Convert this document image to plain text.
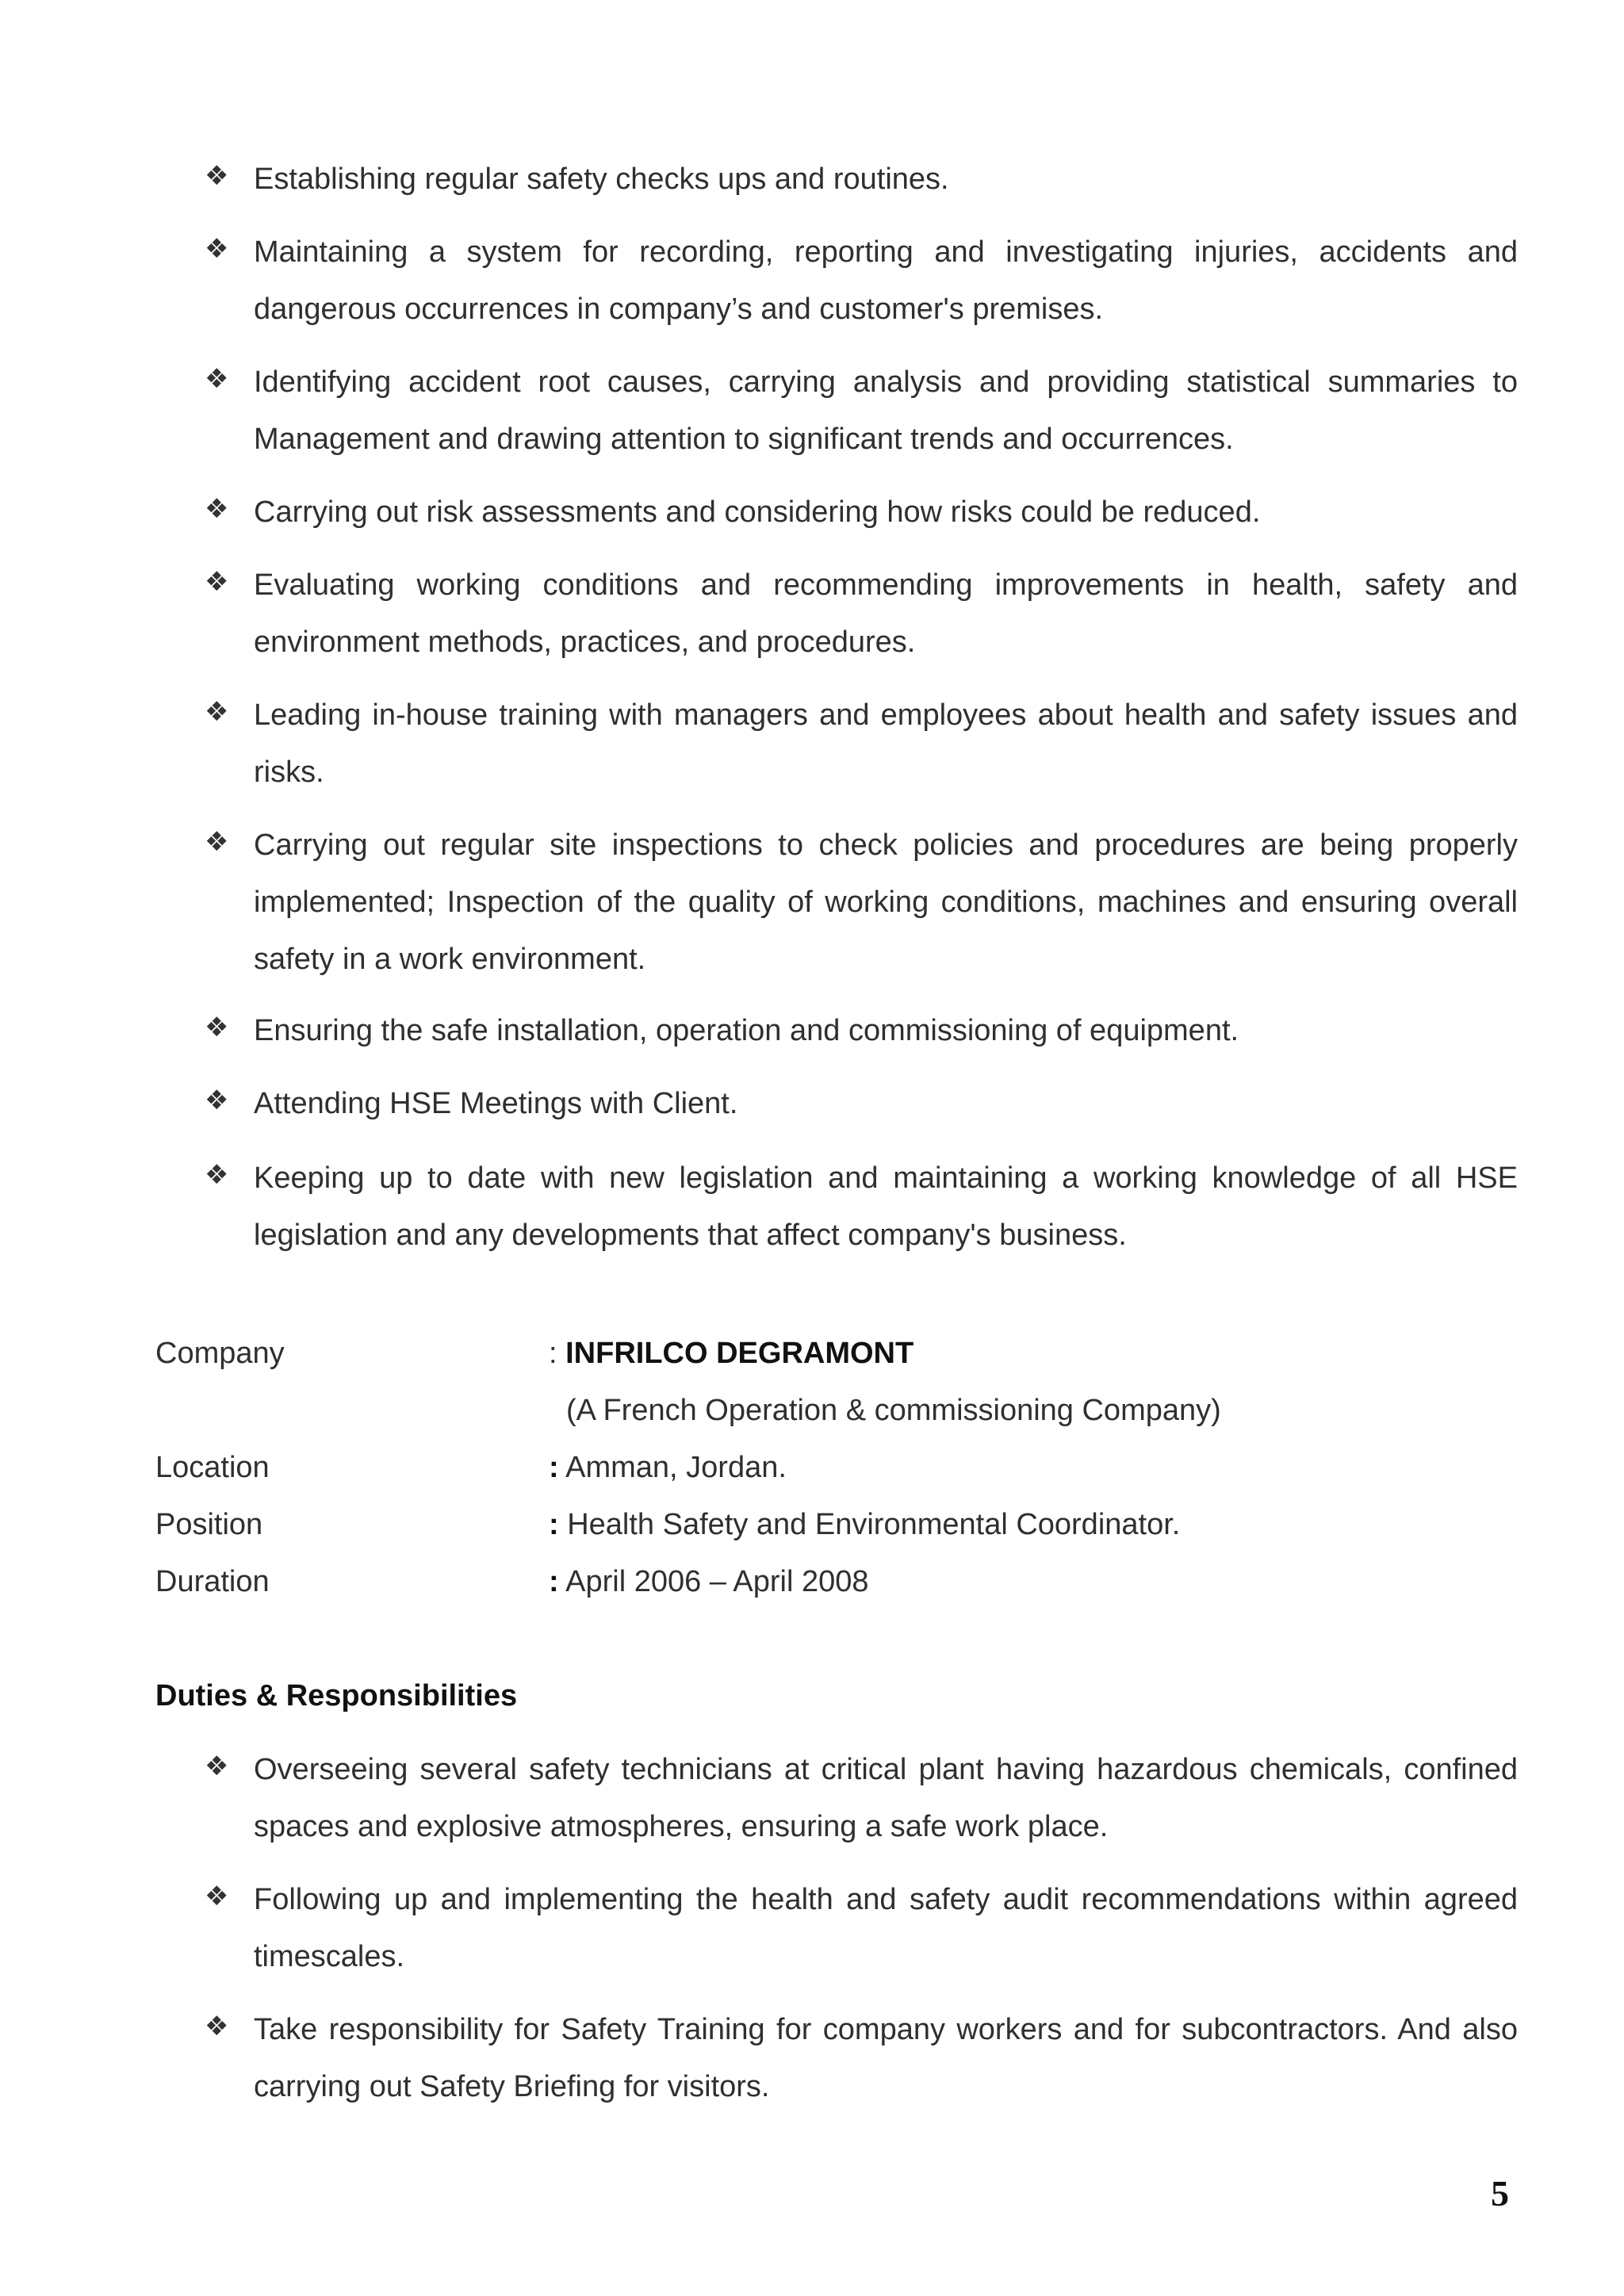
❖ Establishing regular safety checks ups and routines.
❖ Maintaining a system for recording, reporting and investigating injuries, accidents and dangerous occurrences in company’s and customer's premises.
❖ Identifying accident root causes, carrying analysis and providing statistical summaries to Management and drawing attention to significant trends and occurrences.
❖ Carrying out risk assessments and considering how risks could be reduced.
❖ Evaluating working conditions and recommending improvements in health, safety and environment methods, practices, and procedures.
❖ Leading in-house training with managers and employees about health and safety issues and risks.
❖ Carrying out regular site inspections to check policies and procedures are being properly implemented; Inspection of the quality of working conditions, machines and ensuring overall safety in a work environment.
❖ Ensuring the safe installation, operation and commissioning of equipment.
❖ Attending HSE Meetings with Client.
❖ Keeping up to date with new legislation and maintaining a working knowledge of all HSE legislation and any developments that affect company's business.
Company	: INFRILCO DEGRAMONT
(A French Operation & commissioning Company)
Location	: Amman, Jordan.
Position	: Health Safety and Environmental Coordinator.
Duration	: April 2006 – April 2008
Duties & Responsibilities
❖ Overseeing several safety technicians at critical plant having hazardous chemicals, confined spaces and explosive atmospheres, ensuring a safe work place.
❖ Following up and implementing the health and safety audit recommendations within agreed timescales.
❖ Take responsibility for Safety Training for company workers and for subcontractors. And also carrying out Safety Briefing for visitors.
5
